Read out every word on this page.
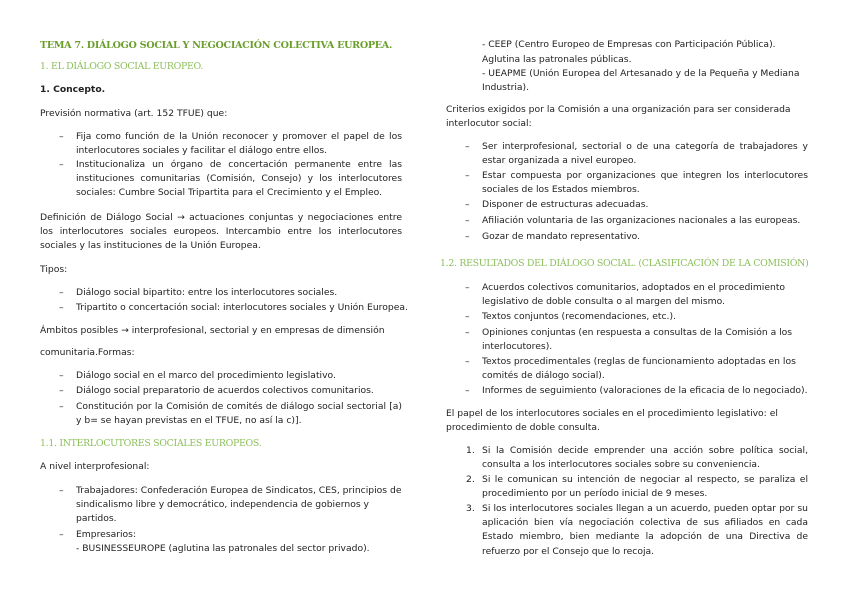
TEMA 7. DIÁLOGO SOCIAL Y NEGOCIACIÓN COLECTIVA EUROPEA.

1. EL DIÁLOGO SOCIAL EUROPEO.

1. Concepto.

Previsión normativa (art. 152 TFUE) que:

– Fija como función de la Unión reconocer y promover el papel de los interlocutores sociales y facilitar el diálogo entre ellos.

– Institucionaliza un órgano de concertación permanente entre las instituciones comunitarias (Comisión, Consejo) y los interlocutores sociales: Cumbre Social Tripartita para el Crecimiento y el Empleo.

Definición de Diálogo Social → actuaciones conjuntas y negociaciones entre los interlocutores sociales europeos. Intercambio entre los interlocutores sociales y las instituciones de la Unión Europea.

Tipos:

– Diálogo social bipartito: entre los interlocutores sociales.

– Tripartito o concertación social: interlocutores sociales y Unión Europea.

Ámbitos posibles → interprofesional, sectorial y en empresas de dimensión

comunitaria.Formas:

– Diálogo social en el marco del procedimiento legislativo.

– Diálogo social preparatorio de acuerdos colectivos comunitarios.

– Constitución por la Comisión de comités de diálogo social sectorial [a) y b= se hayan previstas en el TFUE, no así la c)].

1.1. INTERLOCUTORES SOCIALES EUROPEOS.

A nivel interprofesional:

– Trabajadores: Confederación Europea de Sindicatos, CES, principios de sindicalismo libre y democrático, independencia de gobiernos y partidos.

– Empresarios:

- BUSINESSEUROPE (aglutina las patronales del sector privado).

- CEEP (Centro Europeo de Empresas con Participación Pública).

Aglutina las patronales públicas.

- UEAPME (Unión Europea del Artesanado y de la Pequeña y Mediana Industria).

Criterios exigidos por la Comisión a una organización para ser considerada interlocutor social:

– Ser interprofesional, sectorial o de una categoría de trabajadores y estar organizada a nivel europeo.

– Estar compuesta por organizaciones que integren los interlocutores sociales de los Estados miembros.

– Disponer de estructuras adecuadas.

– Afiliación voluntaria de las organizaciones nacionales a las europeas.

– Gozar de mandato representativo.

1.2. RESULTADOS DEL DIÁLOGO SOCIAL. (CLASIFICACIÓN DE LA COMISIÓN)

– Acuerdos colectivos comunitarios, adoptados en el procedimiento legislativo de doble consulta o al margen del mismo.

– Textos conjuntos (recomendaciones, etc.).

– Opiniones conjuntas (en respuesta a consultas de la Comisión a los interlocutores).

– Textos procedimentales (reglas de funcionamiento adoptadas en los comités de diálogo social).

– Informes de seguimiento (valoraciones de la eficacia de lo negociado).

El papel de los interlocutores sociales en el procedimiento legislativo: el procedimiento de doble consulta.

1. Si la Comisión decide emprender una acción sobre política social, consulta a los interlocutores sociales sobre su conveniencia.

2. Si le comunican su intención de negociar al respecto, se paraliza el procedimiento por un período inicial de 9 meses.

3. Si los interlocutores sociales llegan a un acuerdo, pueden optar por su aplicación bien vía negociación colectiva de sus afiliados en cada Estado miembro, bien mediante la adopción de una Directiva de refuerzo por el Consejo que lo recoja.
